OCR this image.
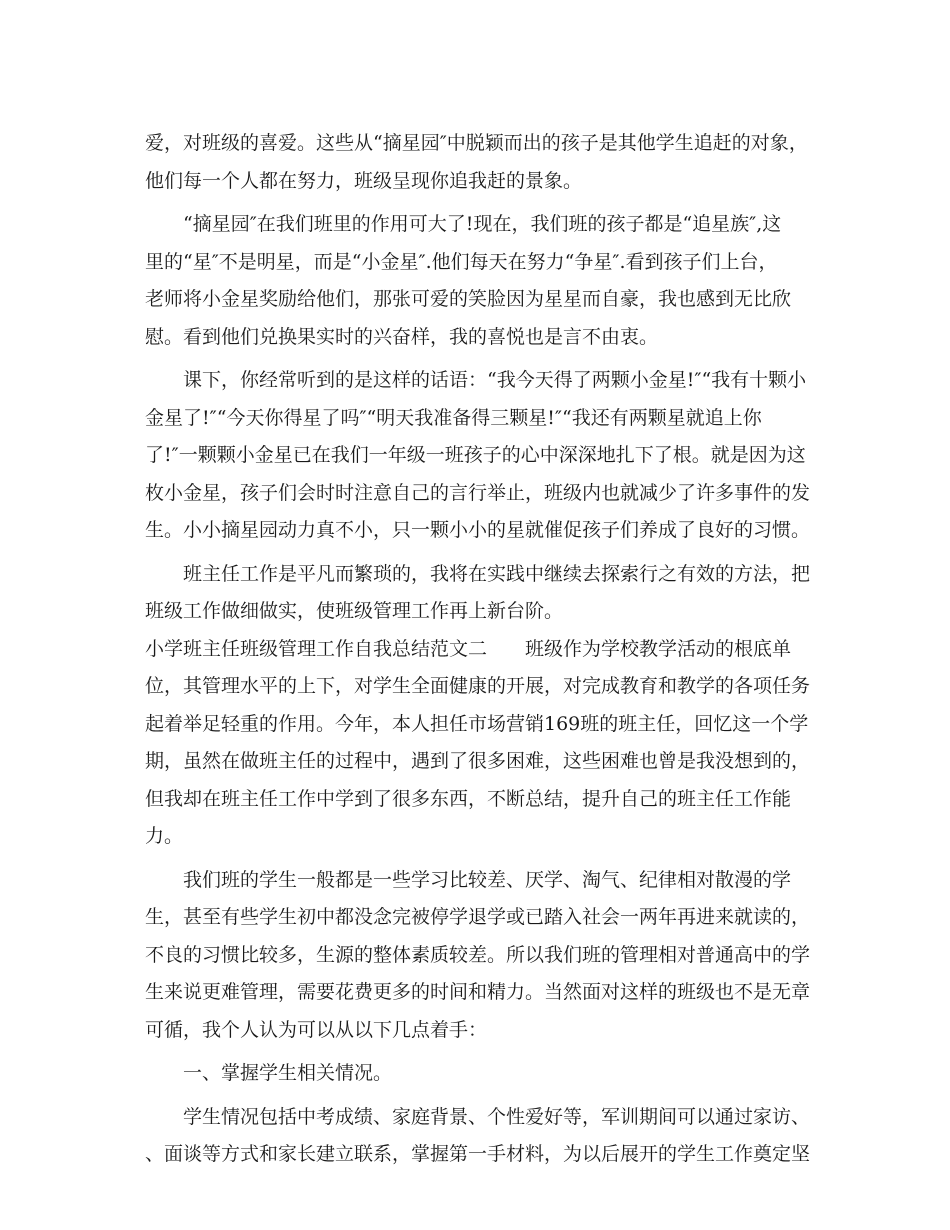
爱，对班级的喜爱。这些从“摘星园″中脱颖而出的孩子是其他学生追赶的对象，
他们每一个人都在努力，班级呈现你追我赶的景象。
“摘星园″在我们班里的作用可大了!现在，我们班的孩子都是“追星族″,这
里的“星″不是明星，而是“小金星″.他们每天在努力“争星″.看到孩子们上台，
老师将小金星奖励给他们，那张可爱的笑脸因为星星而自豪，我也感到无比欣
慰。看到他们兑换果实时的兴奋样，我的喜悦也是言不由衷。
课下，你经常听到的是这样的话语：“我今天得了两颗小金星!″“我有十颗小
金星了!″“今天你得星了吗″“明天我准备得三颗星!″“我还有两颗星就追上你
了!″一颗颗小金星已在我们一年级一班孩子的心中深深地扎下了根。就是因为这
枚小金星，孩子们会时时注意自己的言行举止，班级内也就减少了许多事件的发
生。小小摘星园动力真不小，只一颗小小的星就催促孩子们养成了良好的习惯。
班主任工作是平凡而繁琐的，我将在实践中继续去探索行之有效的方法，把
班级工作做细做实，使班级管理工作再上新台阶。
小学班主任班级管理工作自我总结范文二　　班级作为学校教学活动的根底单
位，其管理水平的上下，对学生全面健康的开展，对完成教育和教学的各项任务
起着举足轻重的作用。今年，本人担任市场营销169班的班主任，回忆这一个学
期，虽然在做班主任的过程中，遇到了很多困难，这些困难也曾是我没想到的，
但我却在班主任工作中学到了很多东西，不断总结，提升自己的班主任工作能
力。
我们班的学生一般都是一些学习比较差、厌学、淘气、纪律相对散漫的学
生，甚至有些学生初中都没念完被停学退学或已踏入社会一两年再进来就读的，
不良的习惯比较多，生源的整体素质较差。所以我们班的管理相对普通高中的学
生来说更难管理，需要花费更多的时间和精力。当然面对这样的班级也不是无章
可循，我个人认为可以从以下几点着手：
一、掌握学生相关情况。
学生情况包括中考成绩、家庭背景、个性爱好等，军训期间可以通过家访、
、面谈等方式和家长建立联系，掌握第一手材料，为以后展开的学生工作奠定坚
